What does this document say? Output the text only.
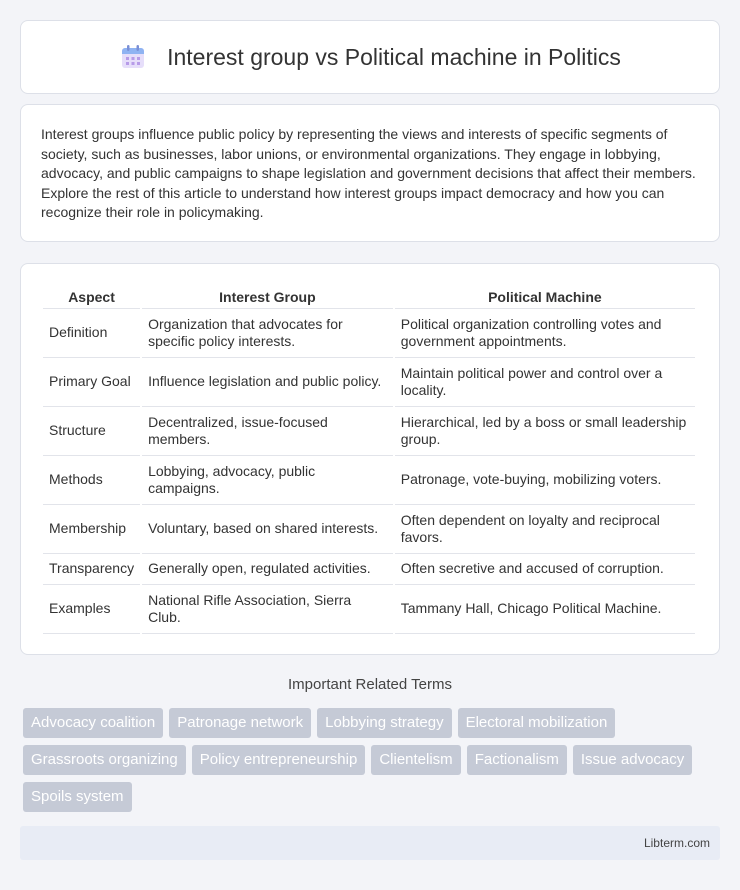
Interest group vs Political machine in Politics

Interest groups influence public policy by representing the views and interests of specific segments of society, such as businesses, labor unions, or environmental organizations. They engage in lobbying, advocacy, and public campaigns to shape legislation and government decisions that affect their members. Explore the rest of this article to understand how interest groups impact democracy and how you can recognize their role in policymaking.

Aspect	Interest Group	Political Machine
Definition	Organization that advocates for specific policy interests.	Political organization controlling votes and government appointments.
Primary Goal	Influence legislation and public policy.	Maintain political power and control over a locality.
Structure	Decentralized, issue-focused members.	Hierarchical, led by a boss or small leadership group.
Methods	Lobbying, advocacy, public campaigns.	Patronage, vote-buying, mobilizing voters.
Membership	Voluntary, based on shared interests.	Often dependent on loyalty and reciprocal favors.
Transparency	Generally open, regulated activities.	Often secretive and accused of corruption.
Examples	National Rifle Association, Sierra Club.	Tammany Hall, Chicago Political Machine.
Important Related Terms
Advocacy coalition	Patronage network	Lobbying strategy	Electoral mobilization
Grassroots organizing	Policy entrepreneurship	Clientelism	Factionalism	Issue advocacy
Spoils system
Libterm.com
